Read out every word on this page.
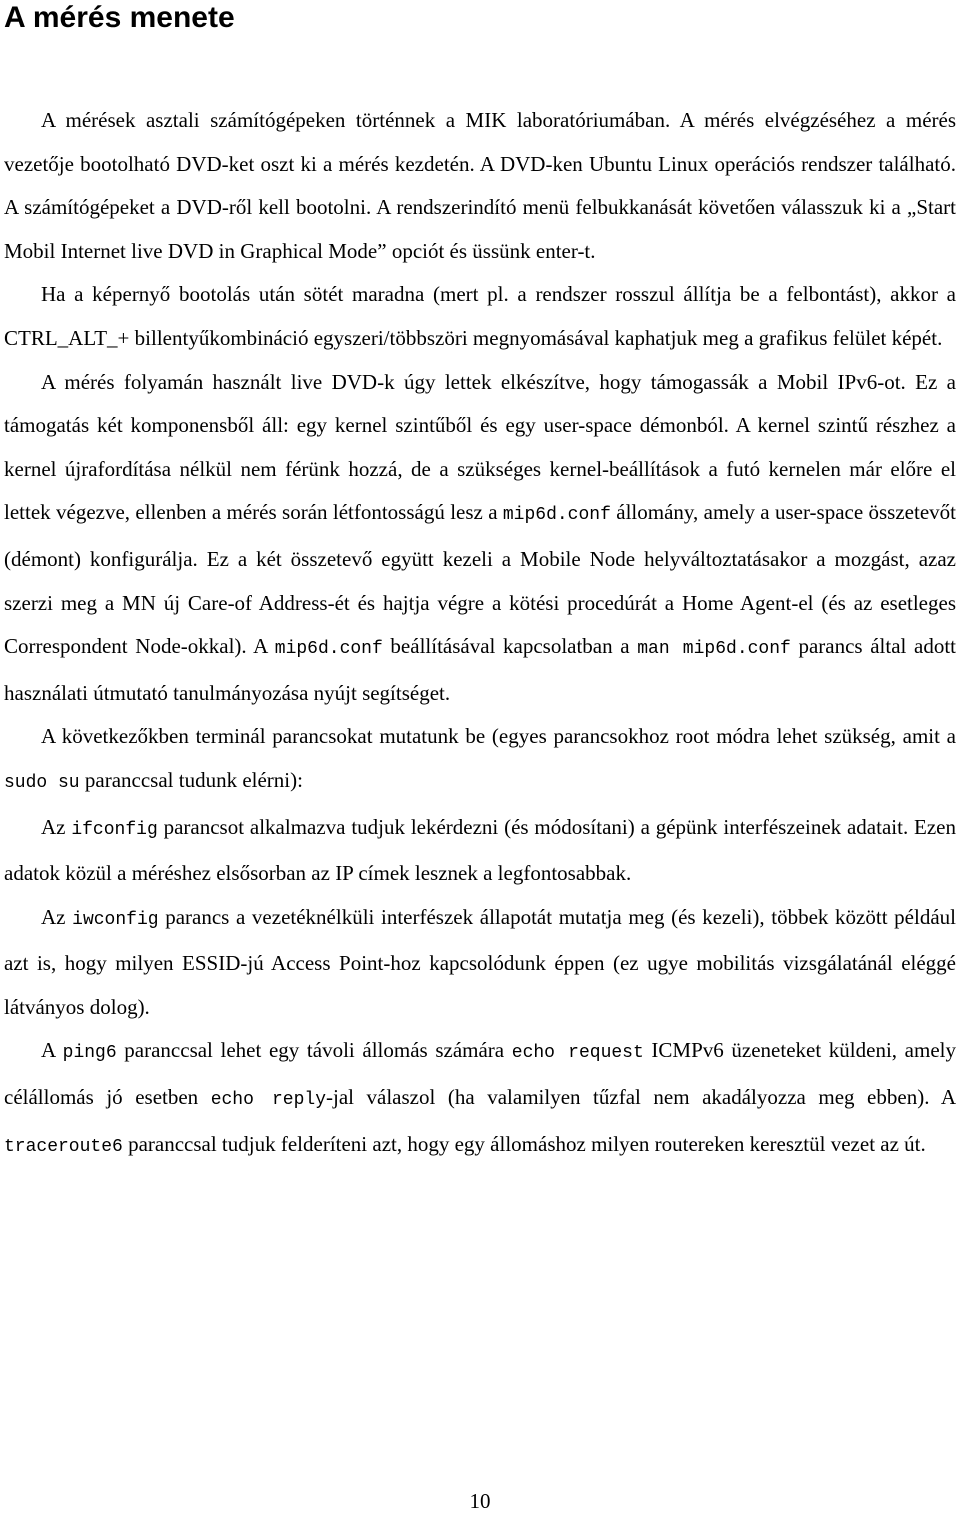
A mérés menete

A mérések asztali számítógépeken történnek a MIK laboratóriumában. A mérés elvégzéséhez a mérés vezetője bootolható DVD-ket oszt ki a mérés kezdetén. A DVD-ken Ubuntu Linux operációs rendszer található. A számítógépeket a DVD-ről kell bootolni. A rendszerindító menü felbukkanását követően válasszuk ki a „Start Mobil Internet live DVD in Graphical Mode” opciót és üssünk enter-t.

Ha a képernyő bootolás után sötét maradna (mert pl. a rendszer rosszul állítja be a felbontást), akkor a CTRL_ALT_+ billentyűkombináció egyszeri/többszöri megnyomásával kaphatjuk meg a grafikus felület képét.

A mérés folyamán használt live DVD-k úgy lettek elkészítve, hogy támogassák a Mobil IPv6-ot. Ez a támogatás két komponensből áll: egy kernel szintűből és egy user-space démonból. A kernel szintű részhez a kernel újrafordítása nélkül nem férünk hozzá, de a szükséges kernel-beállítások a futó kernelen már előre el lettek végezve, ellenben a mérés során létfontosságú lesz a mip6d.conf állomány, amely a user-space összetevőt (démont) konfigurálja. Ez a két összetevő együtt kezeli a Mobile Node helyváltoztatásakor a mozgást, azaz szerzi meg a MN új Care-of Address-ét és hajtja végre a kötési procedúrát a Home Agent-el (és az esetleges Correspondent Node-okkal). A mip6d.conf beállításával kapcsolatban a man mip6d.conf parancs által adott használati útmutató tanulmányozása nyújt segítséget.

A következőkben terminál parancsokat mutatunk be (egyes parancsokhoz root módra lehet szükség, amit a sudo su paranccsal tudunk elérni):

Az ifconfig parancsot alkalmazva tudjuk lekérdezni (és módosítani) a gépünk interfészeinek adatait. Ezen adatok közül a méréshez elsősorban az IP címek lesznek a legfontosabbak.

Az iwconfig parancs a vezetéknélküli interfészek állapotát mutatja meg (és kezeli), többek között például azt is, hogy milyen ESSID-jú Access Point-hoz kapcsolódunk éppen (ez ugye mobilitás vizsgálatánál eléggé látványos dolog).

A ping6 paranccsal lehet egy távoli állomás számára echo request ICMPv6 üzeneteket küldeni, amely célállomás jó esetben echo reply-jal válaszol (ha valamilyen tűzfal nem akadályozza meg ebben). A traceroute6 paranccsal tudjuk felderíteni azt, hogy egy állomáshoz milyen routereken keresztül vezet az út.

10
